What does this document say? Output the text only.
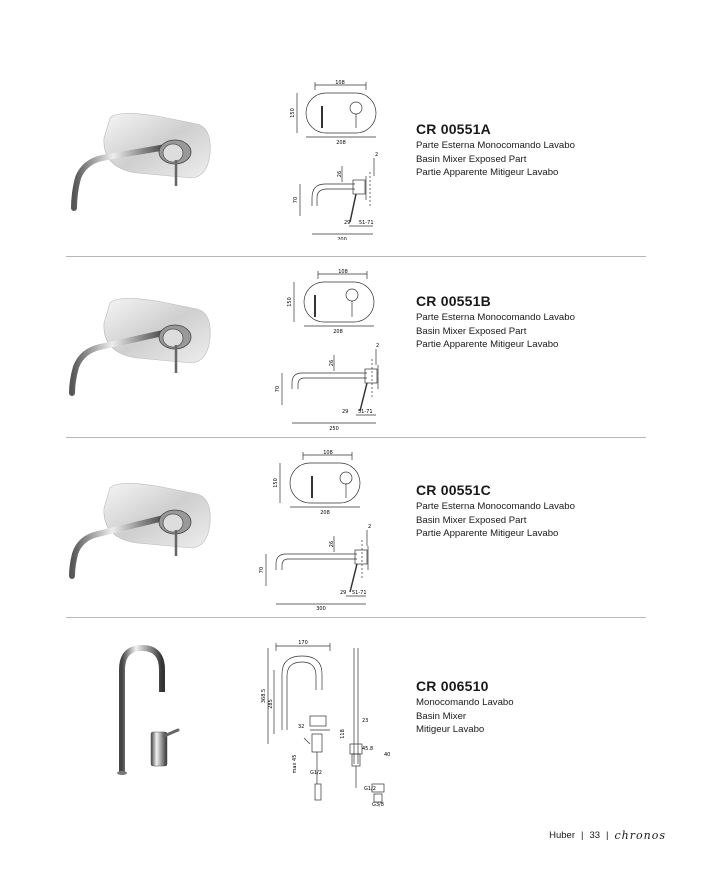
108
150
208
2
26
70
29 51-71
200

CR 00551A

Parte Esterna Monocomando Lavabo

Basin Mixer Exposed Part

Partie Apparente Mitigeur Lavabo

108
150
208
2
26
70
29 51-71
250

CR 00551B

Parte Esterna Monocomando Lavabo

Basin Mixer Exposed Part

Partie Apparente Mitigeur Lavabo

108
150
208
2
26
70
29 51-71
300

CR 00551C

Parte Esterna Monocomando Lavabo

Basin Mixer Exposed Part

Partie Apparente Mitigeur Lavabo

170
368.5
285
32
max 45 G1/2
118
23
45.8
40
G1/2
G3/8

CR 006510

Monocomando Lavabo

Basin Mixer

Mitigeur Lavabo

Huber | 33 | chronos
